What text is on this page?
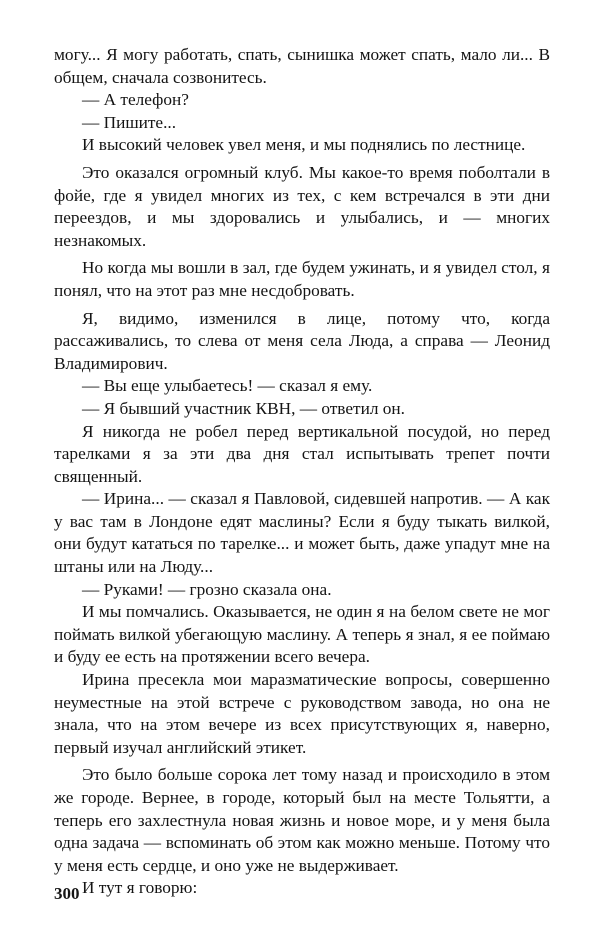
могу... Я могу работать, спать, сынишка может спать, мало ли... В общем, сначала созвонитесь.

— А телефон?

— Пишите...

И высокий человек увел меня, и мы поднялись по лестнице.

Это оказался огромный клуб. Мы какое-то время поболтали в фойе, где я увидел многих из тех, с кем встречался в эти дни переездов, и мы здоровались и улыбались, и — многих незнакомых.

Но когда мы вошли в зал, где будем ужинать, и я увидел стол, я понял, что на этот раз мне несдобровать.

Я, видимо, изменился в лице, потому что, когда рассаживались, то слева от меня села Люда, а справа — Леонид Владимирович.

— Вы еще улыбаетесь! — сказал я ему.

— Я бывший участник КВН, — ответил он.

Я никогда не робел перед вертикальной посудой, но перед тарелками я за эти два дня стал испытывать трепет почти священный.

— Ирина... — сказал я Павловой, сидевшей напротив. — А как у вас там в Лондоне едят маслины? Если я буду тыкать вилкой, они будут кататься по тарелке... и может быть, даже упадут мне на штаны или на Люду...

— Руками! — грозно сказала она.

И мы помчались. Оказывается, не один я на белом свете не мог поймать вилкой убегающую маслину. А теперь я знал, я ее поймаю и буду ее есть на протяжении всего вечера.

Ирина пресекла мои маразматические вопросы, совершенно неуместные на этой встрече с руководством завода, но она не знала, что на этом вечере из всех присутствующих я, наверно, первый изучал английский этикет.

Это было больше сорока лет тому назад и происходило в этом же городе. Вернее, в городе, который был на месте Тольятти, а теперь его захлестнула новая жизнь и новое море, и у меня была одна задача — вспоминать об этом как можно меньше. Потому что у меня есть сердце, и оно уже не выдерживает.

И тут я говорю:

300
